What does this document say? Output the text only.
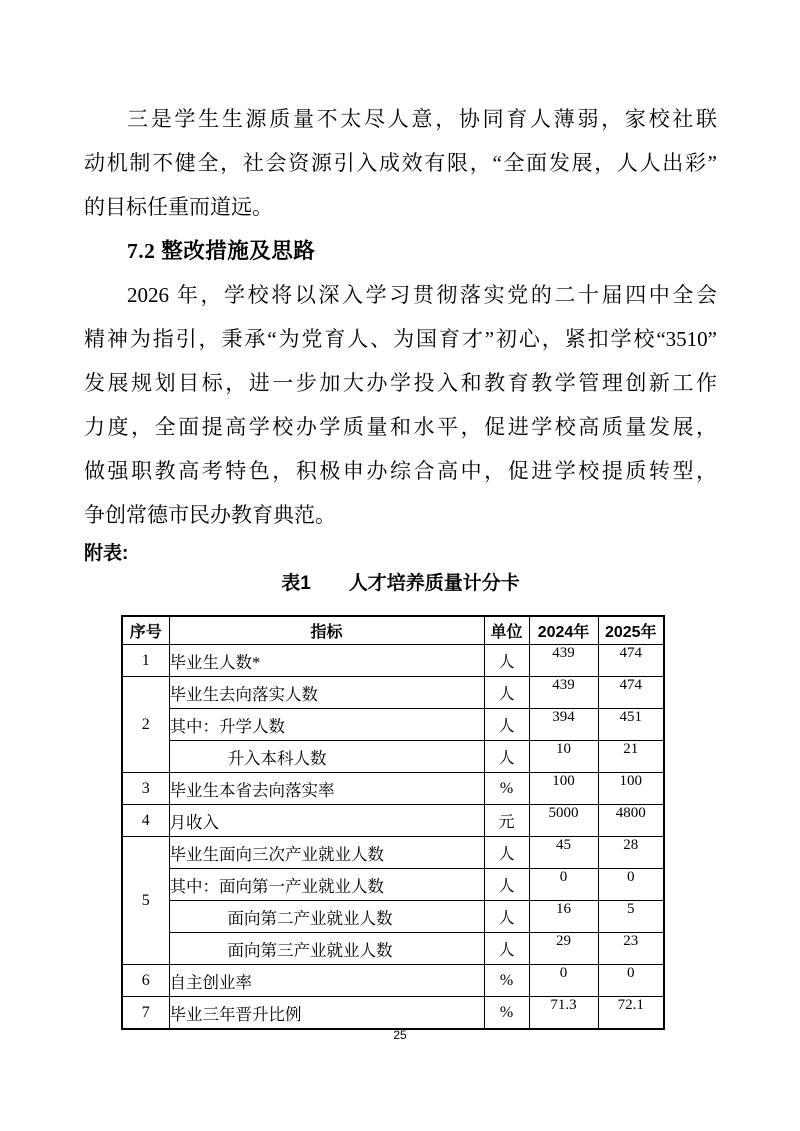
三是学生生源质量不太尽人意，协同育人薄弱，家校社联
动机制不健全，社会资源引入成效有限，“全面发展，人人出彩”
的目标任重而道远。
7.2 整改措施及思路
2026 年，学校将以深入学习贯彻落实党的二十届四中全会
精神为指引，秉承“为党育人、为国育才”初心，紧扣学校“3510”
发展规划目标，进一步加大办学投入和教育教学管理创新工作
力度，全面提高学校办学质量和水平，促进学校高质量发展，
做强职教高考特色，积极申办综合高中，促进学校提质转型，
争创常德市民办教育典范。
附表:
表1 人才培养质量计分卡
序号	指标	单位	2024年	2025年
1	毕业生人数*	人	439	474
2	毕业生去向落实人数	人	439	474
	其中：升学人数	人	394	451
	升入本科人数	人	10	21
3	毕业生本省去向落实率	%	100	100
4	月收入	元	5000	4800
5	毕业生面向三次产业就业人数	人	45	28
	其中：面向第一产业就业人数	人	0	0
	面向第二产业就业人数	人	16	5
	面向第三产业就业人数	人	29	23
6	自主创业率	%	0	0
7	毕业三年晋升比例	%	71.3	72.1
25
